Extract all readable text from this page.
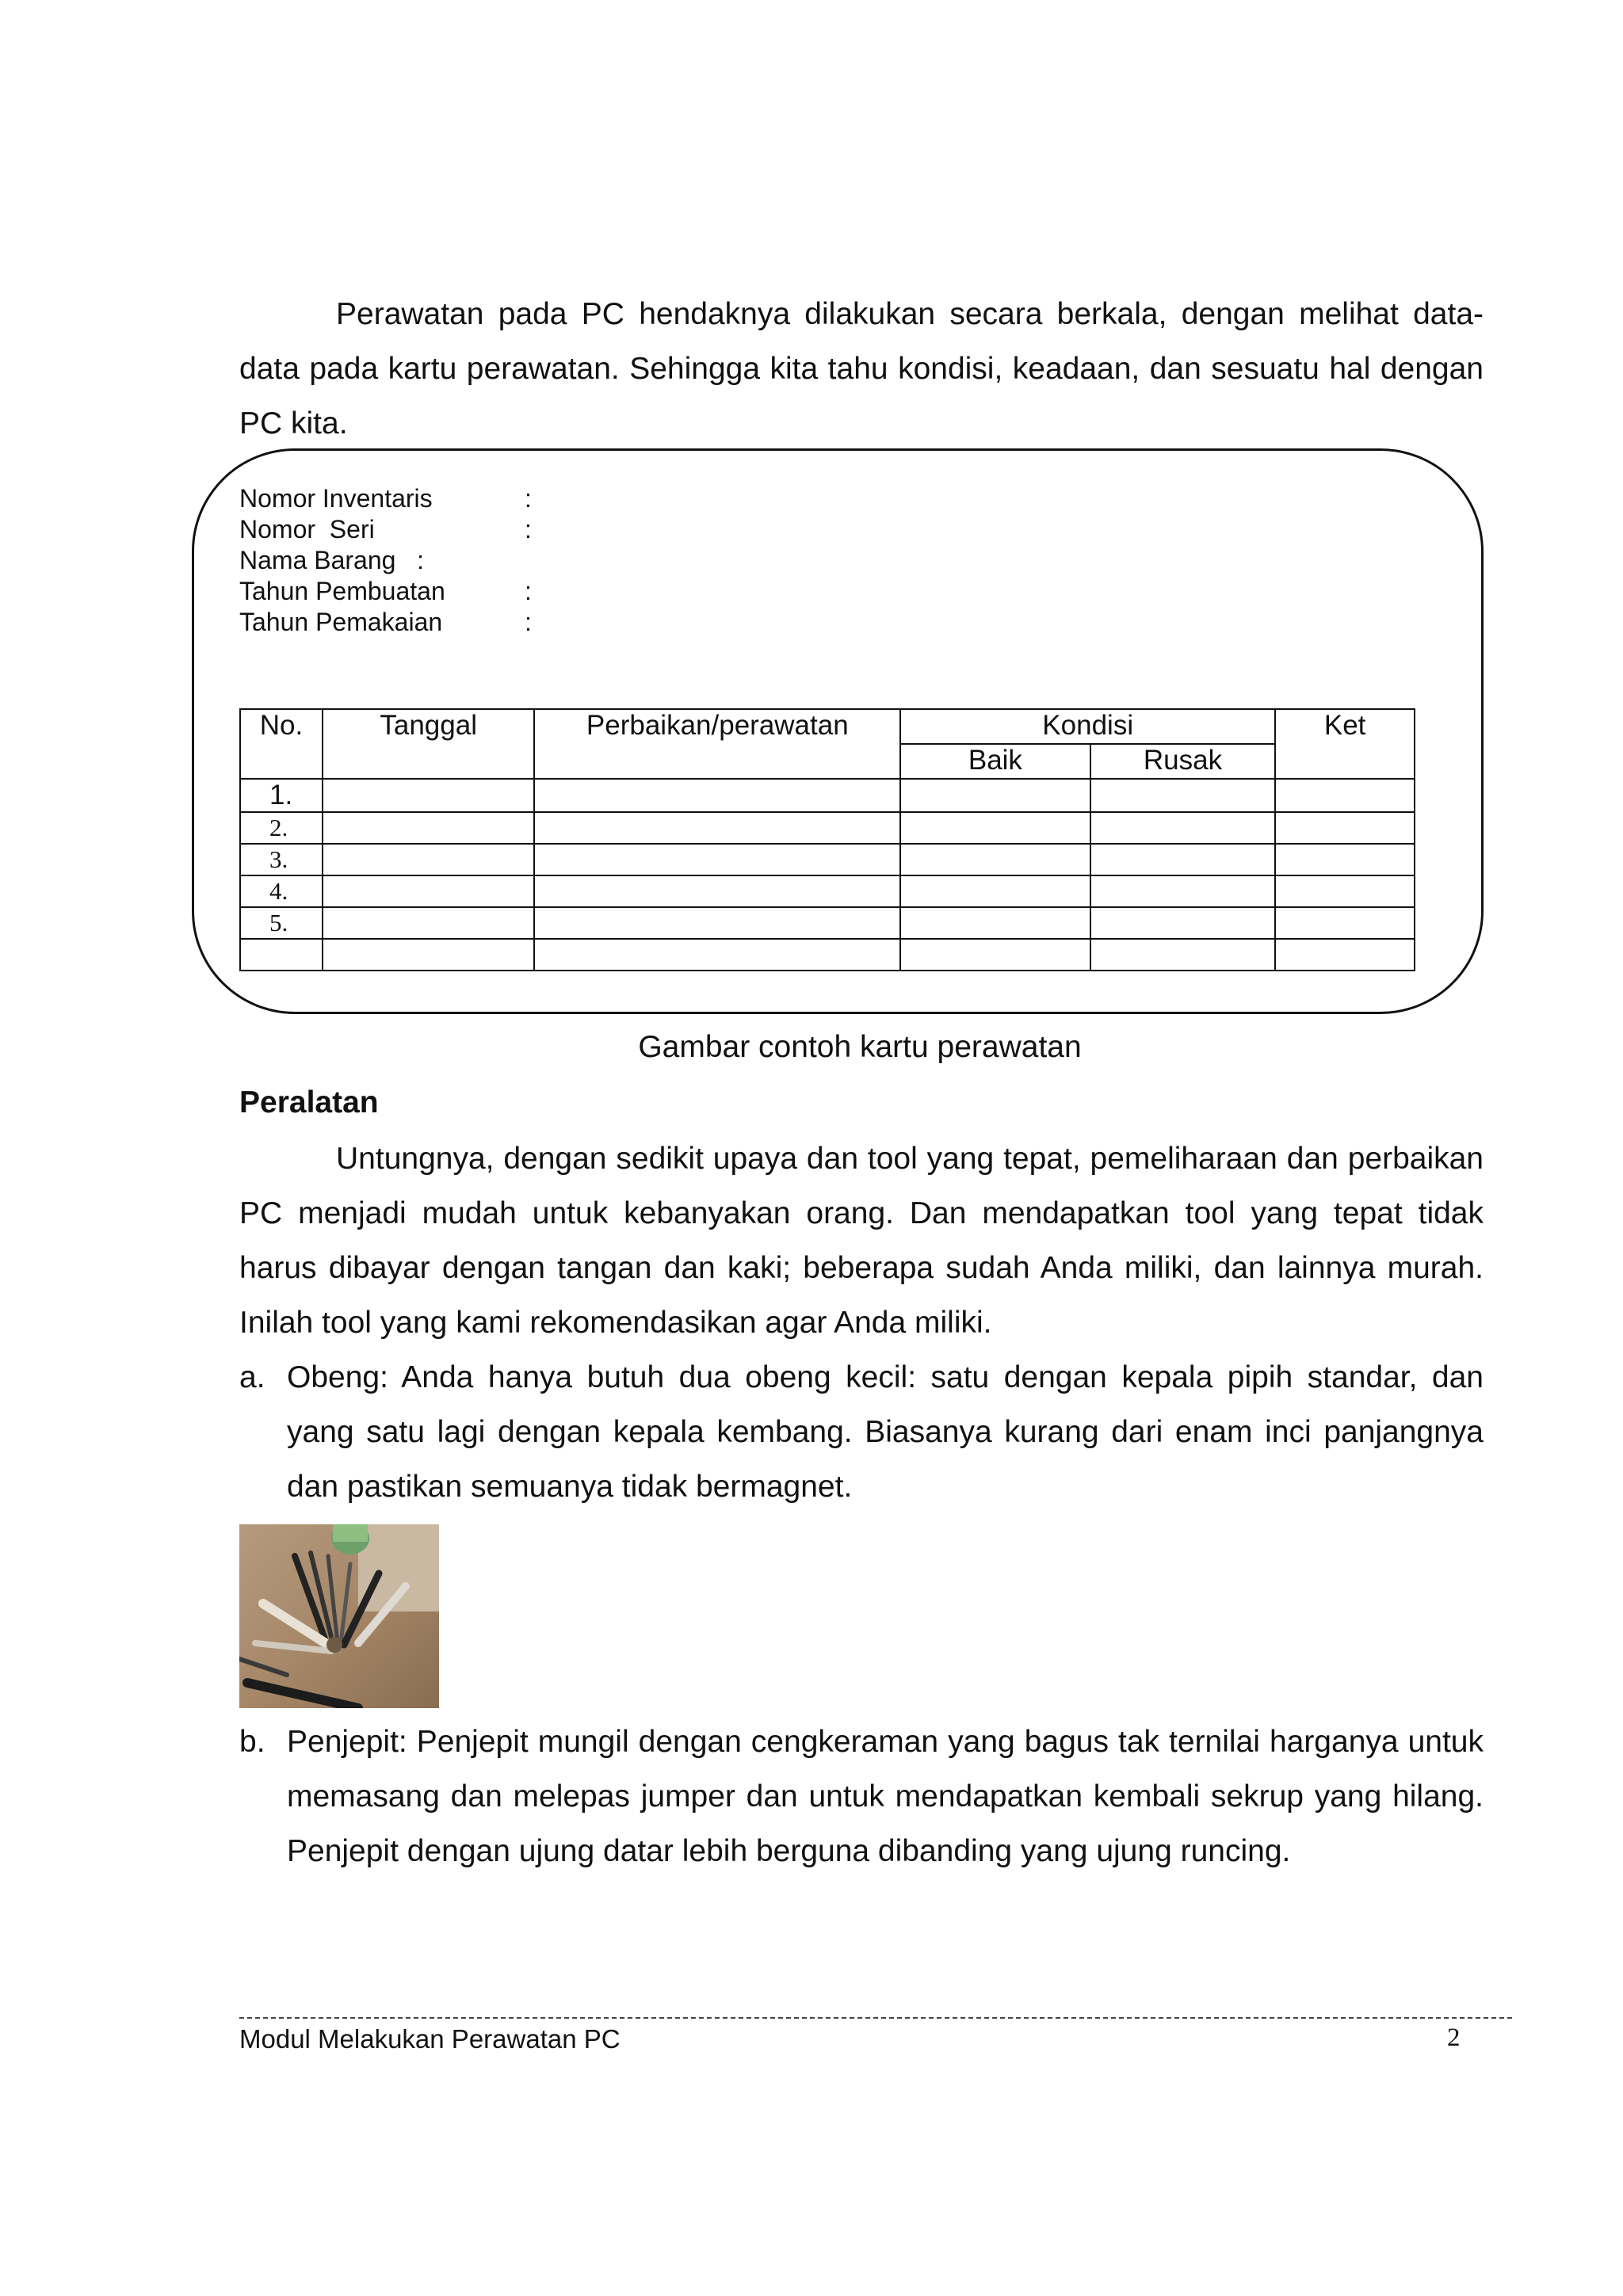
Perawatan pada PC hendaknya dilakukan secara berkala, dengan melihat data-data pada kartu perawatan. Sehingga kita tahu kondisi, keadaan, dan sesuatu hal dengan PC kita.

Nomor Inventaris

	:

Nomor  Seri

	:

Nama Barang   :

Tahun Pembuatan

	:

Tahun Pemakaian

	:

No.	Tanggal	Perbaikan/perawatan	Kondisi		Ket
			Baik	Rusak	
1.					
2.					
3.					
4.					
5.					

Gambar contoh kartu perawatan
Peralatan

Untungnya, dengan sedikit upaya dan tool yang tepat, pemeliharaan dan perbaikan PC menjadi mudah untuk kebanyakan orang. Dan mendapatkan tool yang tepat tidak harus dibayar dengan tangan dan kaki; beberapa sudah Anda miliki, dan lainnya murah. Inilah tool yang kami rekomendasikan agar Anda miliki.

a. Obeng: Anda hanya butuh dua obeng kecil: satu dengan kepala pipih standar, dan yang satu lagi dengan kepala kembang. Biasanya kurang dari enam inci panjangnya dan pastikan semuanya tidak bermagnet.
b. Penjepit: Penjepit mungil dengan cengkeraman yang bagus tak ternilai harganya untuk memasang dan melepas jumper dan untuk mendapatkan kembali sekrup yang hilang. Penjepit dengan ujung datar lebih berguna dibanding yang ujung runcing.
Modul Melakukan Perawatan PC	2
